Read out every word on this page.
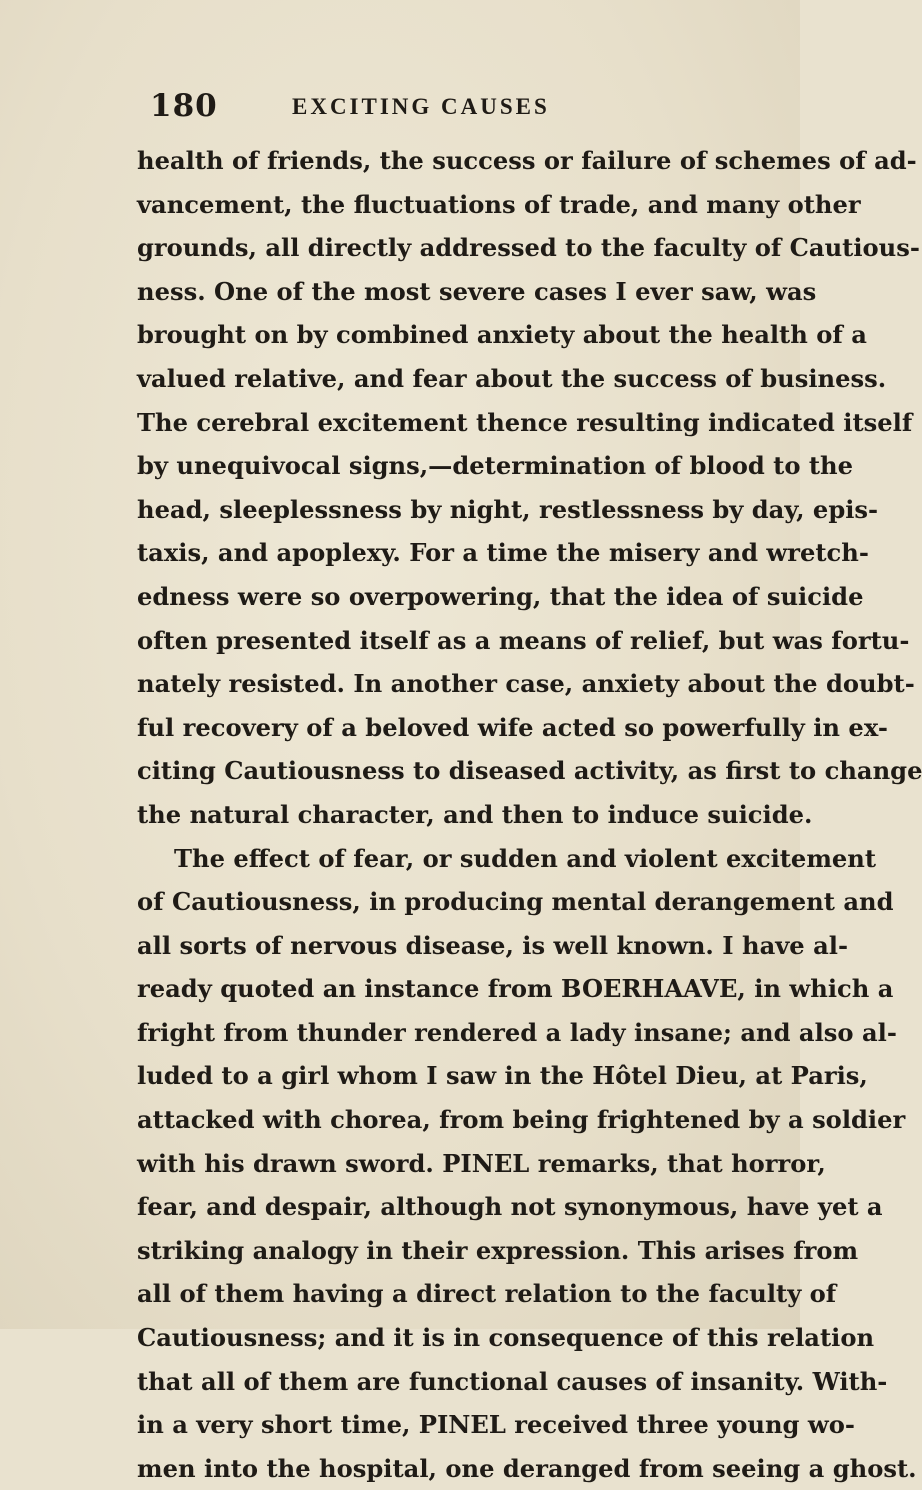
180	EXCITING CAUSES
health of friends, the success or failure of schemes of ad-
vancement, the fluctuations of trade, and many other
grounds, all directly addressed to the faculty of Cautious-
ness. One of the most severe cases I ever saw, was
brought on by combined anxiety about the health of a
valued relative, and fear about the success of business.
The cerebral excitement thence resulting indicated itself
by unequivocal signs,—determination of blood to the
head, sleeplessness by night, restlessness by day, epis-
taxis, and apoplexy. For a time the misery and wretch-
edness were so overpowering, that the idea of suicide
often presented itself as a means of relief, but was fortu-
nately resisted. In another case, anxiety about the doubt-
ful recovery of a beloved wife acted so powerfully in ex-
citing Cautiousness to diseased activity, as first to change
the natural character, and then to induce suicide.
The effect of fear, or sudden and violent excitement
of Cautiousness, in producing mental derangement and
all sorts of nervous disease, is well known. I have al-
ready quoted an instance from BOERHAAVE, in which a
fright from thunder rendered a lady insane; and also al-
luded to a girl whom I saw in the Hôtel Dieu, at Paris,
attacked with chorea, from being frightened by a soldier
with his drawn sword. PINEL remarks, that horror,
fear, and despair, although not synonymous, have yet a
striking analogy in their expression. This arises from
all of them having a direct relation to the faculty of
Cautiousness; and it is in consequence of this relation
that all of them are functional causes of insanity. With-
in a very short time, PINEL received three young wo-
men into the hospital, one deranged from seeing a ghost.
